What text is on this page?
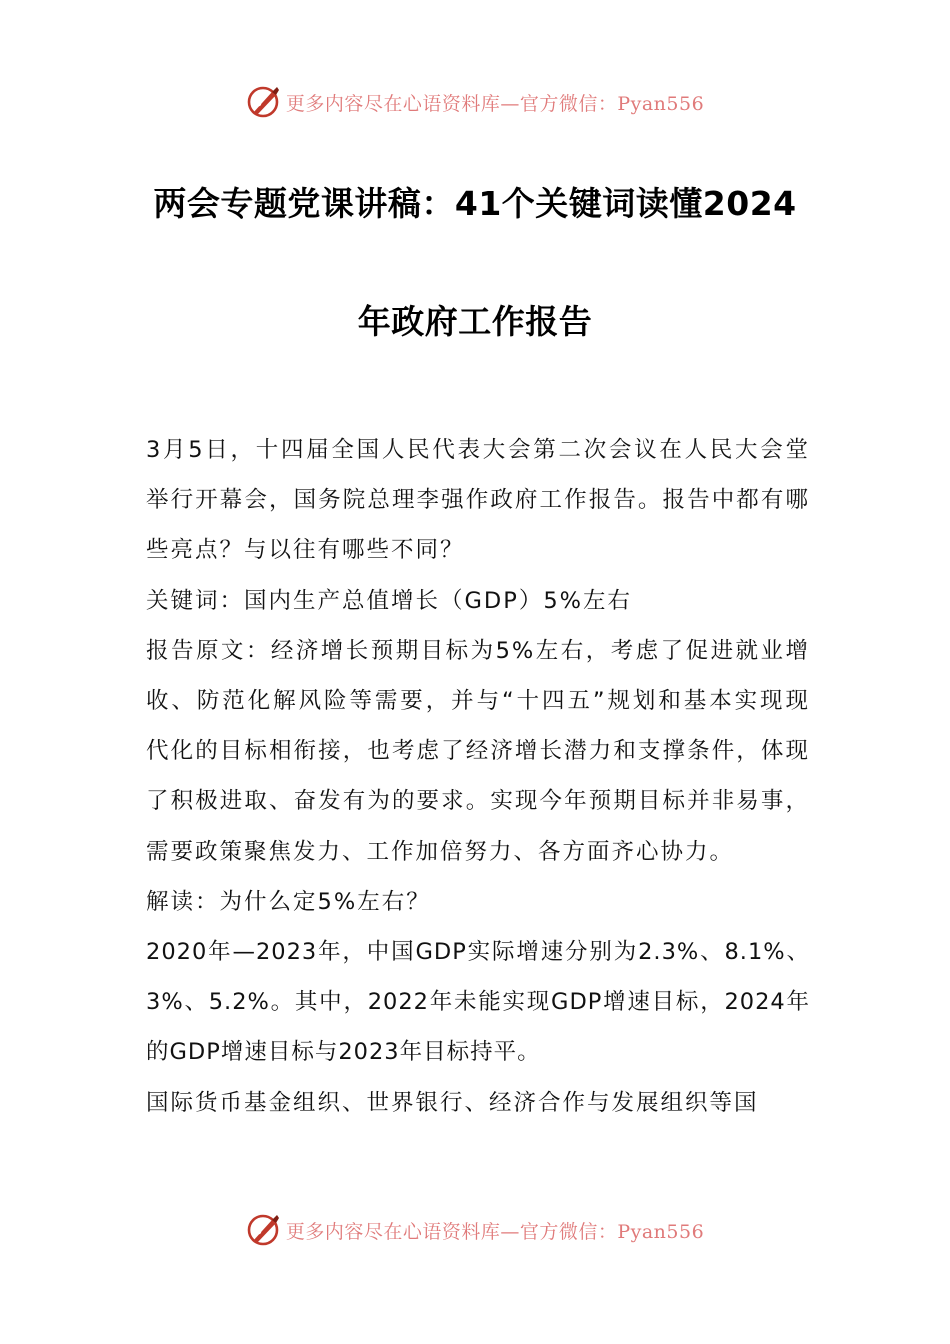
更多内容尽在心语资料库—官方微信：Pyan556
两会专题党课讲稿：41个关键词读懂2024
年政府工作报告

3月5日，十四届全国人民代表大会第二次会议在人民大会堂举行开幕会，国务院总理李强作政府工作报告。报告中都有哪些亮点？与以往有哪些不同？

关键词：国内生产总值增长（GDP）5%左右

报告原文：经济增长预期目标为5%左右，考虑了促进就业增收、防范化解风险等需要，并与“十四五”规划和基本实现现代化的目标相衔接，也考虑了经济增长潜力和支撑条件，体现了积极进取、奋发有为的要求。实现今年预期目标并非易事，需要政策聚焦发力、工作加倍努力、各方面齐心协力。

解读：为什么定5%左右？

2020年—2023年，中国GDP实际增速分别为2.3%、8.1%、3%、5.2%。其中，2022年未能实现GDP增速目标，2024年的GDP增速目标与2023年目标持平。

国际货币基金组织、世界银行、经济合作与发展组织等国

更多内容尽在心语资料库—官方微信：Pyan556
